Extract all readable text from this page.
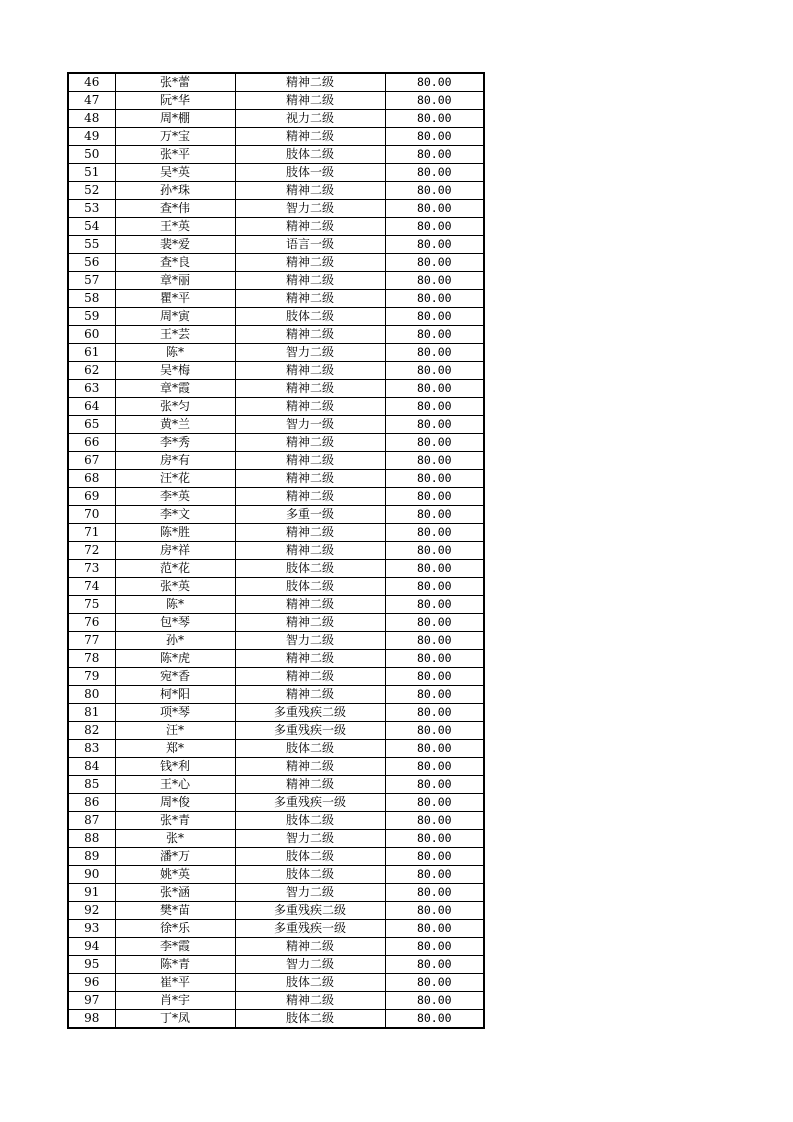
46	张*蕾	精神二级	80.00
47	阮*华	精神二级	80.00
48	周*棚	视力二级	80.00
49	万*宝	精神二级	80.00
50	张*平	肢体二级	80.00
51	吴*英	肢体一级	80.00
52	孙*珠	精神二级	80.00
53	查*伟	智力二级	80.00
54	王*英	精神二级	80.00
55	裴*爱	语言一级	80.00
56	查*良	精神二级	80.00
57	章*丽	精神二级	80.00
58	瞿*平	精神二级	80.00
59	周*寅	肢体二级	80.00
60	王*芸	精神二级	80.00
61	陈*	智力二级	80.00
62	吴*梅	精神二级	80.00
63	章*霞	精神二级	80.00
64	张*匀	精神二级	80.00
65	黄*兰	智力一级	80.00
66	李*秀	精神二级	80.00
67	房*有	精神二级	80.00
68	汪*花	精神二级	80.00
69	李*英	精神二级	80.00
70	李*文	多重一级	80.00
71	陈*胜	精神二级	80.00
72	房*祥	精神二级	80.00
73	范*花	肢体二级	80.00
74	张*英	肢体二级	80.00
75	陈*	精神二级	80.00
76	包*琴	精神二级	80.00
77	孙*	智力二级	80.00
78	陈*虎	精神二级	80.00
79	宛*香	精神二级	80.00
80	柯*阳	精神二级	80.00
81	项*琴	多重残疾二级	80.00
82	汪*	多重残疾一级	80.00
83	郑*	肢体二级	80.00
84	钱*利	精神二级	80.00
85	王*心	精神二级	80.00
86	周*俊	多重残疾一级	80.00
87	张*青	肢体二级	80.00
88	张*	智力二级	80.00
89	潘*万	肢体二级	80.00
90	姚*英	肢体二级	80.00
91	张*涵	智力二级	80.00
92	樊*苗	多重残疾二级	80.00
93	徐*乐	多重残疾一级	80.00
94	李*霞	精神二级	80.00
95	陈*青	智力二级	80.00
96	崔*平	肢体二级	80.00
97	肖*宇	精神二级	80.00
98	丁*凤	肢体二级	80.00
